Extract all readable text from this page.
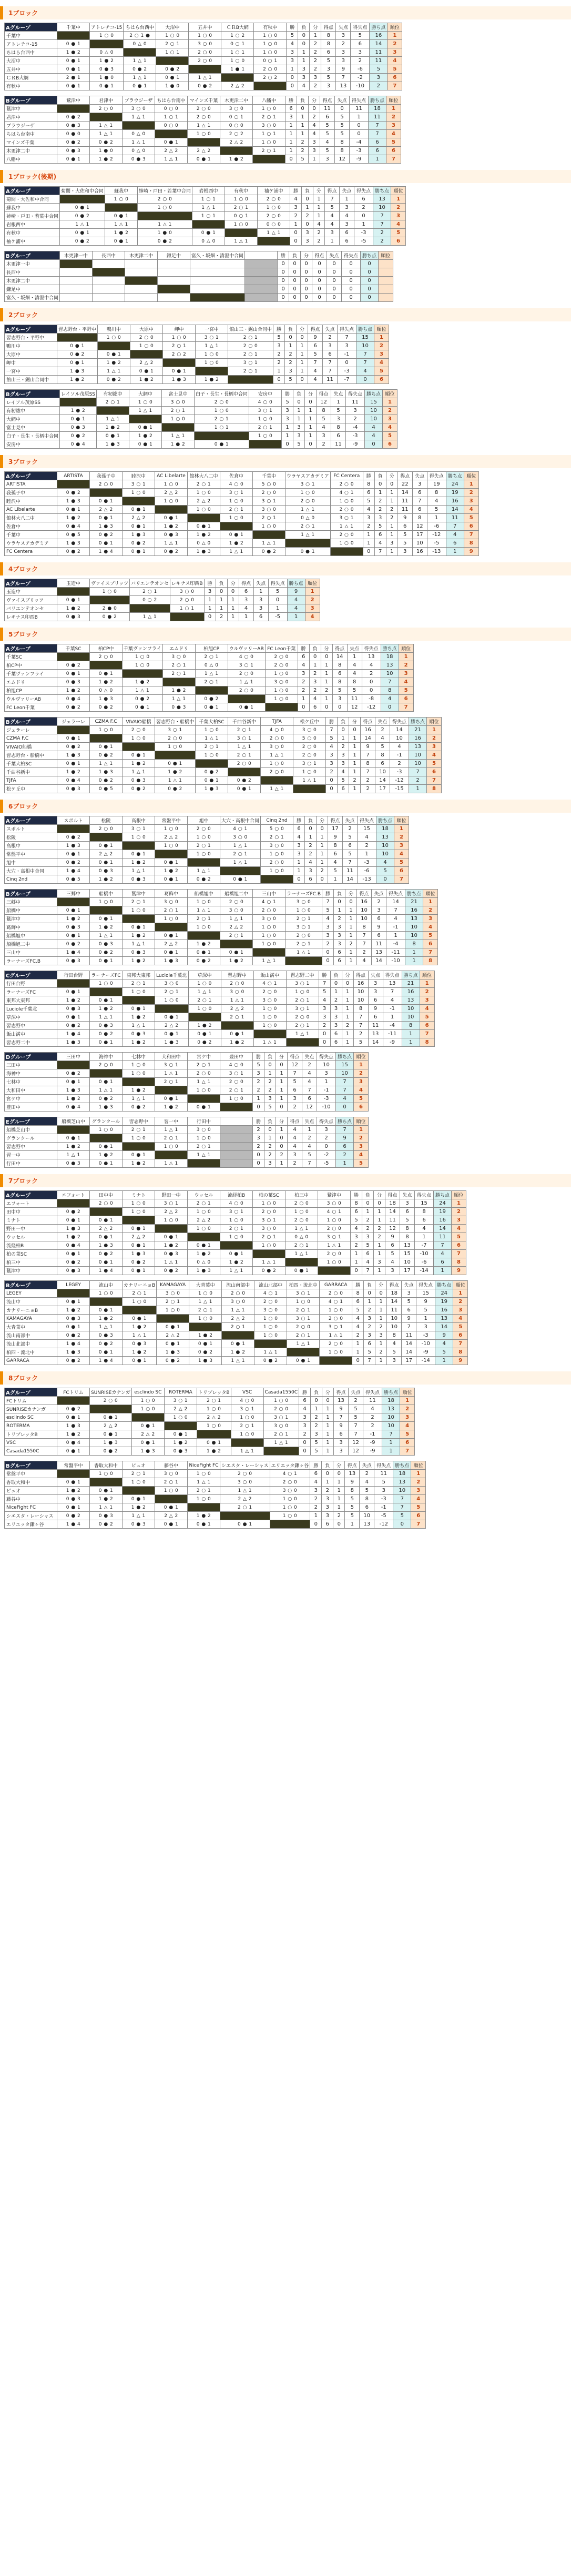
1ブロック
Aグループ	千葉中	アトレチコ-15	ちはら台西中	大沼中	五井中	ＣＲB大網	有秋中	勝	負	分	得点	失点	得失点	勝ち点	順位
千葉中		1 ○ 0	2 ○ 1 ●	1 ○ 0	1 ○ 0	1 ○ 2	1 ○ 0	5	0	1	8	3	5	16	1
アトレチコ-15	0 ● 1		0 △ 0	2 ○ 1	3 ○ 0	0 ○ 1	1 ○ 0	4	0	2	8	2	6	14	2
ちはら台西中	1 ● 2	0 △ 0		1 ○ 1	2 ○ 0	1 ○ 1	1 ○ 0	3	1	2	6	3	3	11	3
大沼中	0 ● 1	1 ● 2	1 △ 1		2 ○ 0	1 ○ 0	0 ○ 1	3	1	2	5	3	2	11	4
五井中	0 ● 1	0 ● 3	0 ● 2	0 ● 2		1 ● 1	2 ○ 0	1	3	2	3	9	-6	5	5
ＣＲB大網	2 ● 1	1 ● 0	1 △ 1	0 ● 1	1 △ 1		2 ○ 2	0	3	3	5	7	-2	3	6
有秋中	0 ● 1	0 ● 1	0 ● 1	1 ● 0	0 ● 2	2 △ 2		0	4	2	3	13	-10	2	7
Bグループ	鷲津中	君津中	ブラウジーザ	ちはら台南中	マインズ千葉	木更津二中	八幡中	勝	負	分	得点	失点	得失点	勝ち点	順位
鷲津中		2 ○ 0	3 ○ 0	0 ○ 0	2 ○ 0	3 ○ 0	1 ○ 0	6	0	0	11	0	11	18	1
君津中	0 ● 2		1 △ 1	1 ○ 1	2 ○ 0	0 ○ 1	2 ○ 1	3	1	2	6	5	1	11	2
ブラウジーザ	0 ● 3	1 △ 1		0 ○ 0	1 △ 1	0 ○ 0	3 ○ 0	1	1	4	5	5	0	7	3
ちはら台南中	0 ● 0	1 △ 1	0 △ 0		1 ○ 0	2 ○ 2	1 ○ 1	1	1	4	5	5	0	7	4
マインズ千葉	0 ● 2	0 ● 2	1 △ 1	0 ● 1		2 △ 2	1 ○ 0	1	2	3	4	8	-4	6	5
木更津二中	0 ● 3	1 ● 0	0 △ 0	2 △ 2	2 △ 2		2 ○ 1	1	2	3	5	8	-3	6	6
八幡中	0 ● 1	1 ● 2	0 ● 3	1 △ 1	0 ● 1	1 ● 2		0	5	1	3	12	-9	1	7
1ブロック(後期)
Aグループ	菊間・大佐和中合同	蘇我中	姉崎・戸田・若葉中合同	岩根西中	有秋中	袖ケ浦中	勝	負	分	得点	失点	得失点	勝ち点	順位
菊間・大佐和中合同		1 ○ 0	2 ○ 0	1 ○ 1	1 ○ 0	2 ○ 0	4	0	1	7	1	6	13	1
蘇我中	0 ● 1		1 ○ 0	1 △ 1	2 ○ 1	1 ○ 0	3	1	1	5	3	2	10	2
姉崎・戸田・若葉中合同	0 ● 2	0 ● 1		1 ○ 1	0 ○ 1	2 ○ 0	2	2	1	4	4	0	7	3
岩根西中	1 △ 1	1 △ 1	1 △ 1		1 ○ 0	0 ○ 0	1	0	4	4	3	1	7	4
有秋中	0 ● 1	1 ● 2	1 ● 0	0 ● 1		1 △ 1	0	3	2	3	6	-3	2	5
袖ケ浦中	0 ● 2	0 ● 1	0 ● 2	0 △ 0	1 △ 1		0	3	2	1	6	-5	2	6
Bグループ	木更津一中	長西中	木更津二中	鎌足中	富久・坂畑・清澄中合同		勝	負	分	得点	失点	得失点	勝ち点	順位
木更津一中							0	0	0	0	0	0	0	
長西中							0	0	0	0	0	0	0	
木更津二中							0	0	0	0	0	0	0	
鎌足中							0	0	0	0	0	0	0	
富久・坂畑・清澄中合同							0	0	0	0	0	0	0	
2ブロック
Aグループ	習志野台・平野中	鴨川中	大原中	岬中	一宮中	館山三・鋸山合同中	勝	負	分	得点	失点	得失点	勝ち点	順位
習志野台・平野中		1 ○ 0	2 ○ 0	1 ○ 0	3 ○ 1	2 ○ 1	5	0	0	9	2	7	15	1
鴨川中	0 ● 1		1 ○ 0	2 ○ 1	1 △ 1	2 ○ 0	3	1	1	6	3	3	10	2
大原中	0 ● 2	0 ● 1		2 ○ 2	1 ○ 0	2 ○ 1	2	2	1	5	6	-1	7	3
岬中	0 ● 1	1 ● 2	2 △ 2		1 ○ 0	3 ○ 1	2	2	1	7	7	0	7	4
一宮中	1 ● 3	1 △ 1	0 ● 1	0 ● 1		2 ○ 1	1	3	1	4	7	-3	4	5
館山三・鋸山合同中	1 ● 2	0 ● 2	1 ● 2	1 ● 3	1 ● 2		0	5	0	4	11	-7	0	6
Bグループ	レイソル茂原SS	有籾総中	大網中	富士見中	白子・長生・長柄中合同	安房中	勝	負	分	得点	失点	得失点	勝ち点	順位
レイソル茂原SS		2 ○ 1	1 ○ 0	3 ○ 0	2 ○ 0	4 ○ 0	5	0	0	12	1	11	15	1
有籾総中	1 ● 2		1 △ 1	2 ○ 1	1 ○ 0	3 ○ 1	3	1	1	8	5	3	10	2
大網中	0 ● 1	1 △ 1		1 ○ 0	2 ○ 1	1 ○ 0	3	1	1	5	3	2	10	3
富士見中	0 ● 3	1 ● 2	0 ● 1		1 ○ 1	2 ○ 1	1	3	1	4	8	-4	4	4
白子・長生・長柄中合同	0 ● 2	0 ● 1	1 ● 2	1 △ 1		1 ○ 0	1	3	1	3	6	-3	4	5
安房中	0 ● 4	1 ● 3	0 ● 1	1 ● 2	0 ● 1		0	5	0	2	11	-9	0	6
3ブロック
Aグループ	ARTISTA	我孫子中	睦沢中	AC Libelarte	館林大八二中	佐倉中	千葉中	ウラヤスアカデミア	FC Centera	勝	負	分	得点	失点	得失点	勝ち点	順位
ARTISTA		2 ○ 0	3 ○ 1	1 ○ 0	2 ○ 1	4 ○ 0	5 ○ 0	3 ○ 1	2 ○ 0	8	0	0	22	3	19	24	1
我孫子中	0 ● 2		1 ○ 0	2 △ 2	1 ○ 0	3 ○ 1	2 ○ 0	1 ○ 0	4 ○ 1	6	1	1	14	6	8	19	2
睦沢中	1 ● 3	0 ● 1		1 ○ 0	2 △ 2	1 ○ 0	3 ○ 1	2 ○ 0	1 ○ 0	5	2	1	11	7	4	16	3
AC Libelarte	0 ● 1	2 △ 2	0 ● 1		1 ○ 0	2 ○ 1	3 ○ 0	1 △ 1	2 ○ 0	4	2	2	11	6	5	14	4
館林大八二中	1 ● 2	0 ● 1	2 △ 2	0 ● 1		1 ○ 0	2 ○ 1	0 △ 0	3 ○ 1	3	3	2	9	8	1	11	5
佐倉中	0 ● 4	1 ● 3	0 ● 1	1 ● 2	0 ● 1		1 ○ 0	2 ○ 1	1 △ 1	2	5	1	6	12	-6	7	6
千葉中	0 ● 5	0 ● 2	1 ● 3	0 ● 3	1 ● 2	0 ● 1		1 △ 1	2 ○ 0	1	6	1	5	17	-12	4	7
ウラヤスアカデミア	1 ● 3	0 ● 1	0 ● 2	1 △ 1	0 △ 0	1 ● 2	1 △ 1		1 ○ 0	1	4	3	5	10	-5	6	8
FC Centera	0 ● 2	1 ● 4	0 ● 1	0 ● 2	1 ● 3	1 △ 1	0 ● 2	0 ● 1		0	7	1	3	16	-13	1	9
4ブロック
Aグループ	玉造中	ヴァイスブリッツ	バリエンテオンセ	レキナス印西B	勝	負	分	得点	失点	得失点	勝ち点	順位
玉造中		1 ○ 0	2 ○ 1	3 ○ 0	3	0	0	6	1	5	9	1
ヴァイスブリッツ	0 ● 1		0 ○ 2	2 ○ 0	1	1	1	3	3	0	4	2
バリエンテオンセ	1 ● 2	2 ● 0		1 ○ 1	1	1	1	4	3	1	4	3
レキナス印西B	0 ● 3	0 ● 2	1 △ 1		0	2	1	1	6	-5	1	4
5ブロック
Aグループ	千葉SC	柏CP中	千葉ヴァンフライ	エムドリ	柏旭CP	ウルヴァリーAB	FC Leon千葉	勝	負	分	得点	失点	得失点	勝ち点	順位
千葉SC		2 ○ 0	1 ○ 0	3 ○ 0	2 ○ 1	4 ○ 0	2 ○ 0	6	0	0	14	1	13	18	1
柏CP中	0 ● 2		1 ○ 0	2 ○ 1	0 △ 0	3 ○ 1	2 ○ 0	4	1	1	8	4	4	13	2
千葉ヴァンフライ	0 ● 1	0 ● 1		2 ○ 1	1 △ 1	2 ○ 0	1 ○ 0	3	2	1	6	4	2	10	3
エムドリ	0 ● 3	1 ● 2	1 ● 2		2 ○ 1	1 △ 1	3 ○ 0	2	3	1	8	8	0	7	4
柏旭CP	1 ● 2	0 △ 0	1 △ 1	1 ● 2		2 ○ 0	1 ○ 0	2	2	2	5	5	0	8	5
ウルヴァリーAB	0 ● 4	1 ● 3	0 ● 2	1 △ 1	0 ● 2		1 ○ 0	1	4	1	3	11	-8	4	6
FC Leon千葉	0 ● 2	0 ● 2	0 ● 1	0 ● 3	0 ● 1	0 ● 1		0	6	0	0	12	-12	0	7
Bグループ	ジェラーレ	CZMA F.C	VIVAIO船橋	習志野台・船橋中	千葉大柏SC	千曲谷新中	TJFA	松ケ丘中	勝	負	分	得点	失点	得失点	勝ち点	順位
ジェラーレ		1 ○ 0	2 ○ 0	3 ○ 1	1 ○ 0	2 ○ 1	4 ○ 0	3 ○ 0	7	0	0	16	2	14	21	1
CZMA F.C	0 ● 1		1 ○ 0	2 ○ 0	1 △ 1	3 ○ 1	2 ○ 0	5 ○ 0	5	1	1	14	4	10	16	2
VIVAIO船橋	0 ● 2	0 ● 1		1 ○ 0	2 ○ 1	1 △ 1	3 ○ 0	2 ○ 0	4	2	1	9	5	4	13	3
習志野台・船橋中	1 ● 3	0 ● 2	0 ● 1		1 ○ 0	2 ○ 1	1 △ 1	2 ○ 0	3	3	1	7	8	-1	10	4
千葉大柏SC	0 ● 1	1 △ 1	1 ● 2	0 ● 1		2 ○ 0	1 ○ 0	3 ○ 1	3	3	1	8	6	2	10	5
千曲谷新中	1 ● 2	1 ● 3	1 △ 1	1 ● 2	0 ● 2		2 ○ 0	1 ○ 0	2	4	1	7	10	-3	7	6
TJFA	0 ● 4	0 ● 2	0 ● 3	1 △ 1	0 ● 1	0 ● 2		1 △ 1	0	5	2	2	14	-12	2	7
松ケ丘中	0 ● 3	0 ● 5	0 ● 2	0 ● 2	1 ● 3	0 ● 1	1 △ 1		0	6	1	2	17	-15	1	8
6ブロック
Aグループ	スポルト	松陵	高根中	常盤平中	旭中	大穴・高根中合同	Cinq 2nd	勝	負	分	得点	失点	得失点	勝ち点	順位
スポルト		2 ○ 0	3 ○ 1	1 ○ 0	2 ○ 0	4 ○ 1	5 ○ 0	6	0	0	17	2	15	18	1
松陵	0 ● 2		1 ○ 0	2 △ 2	1 ○ 0	3 ○ 0	2 ○ 1	4	1	1	9	5	4	13	2
高根中	1 ● 3	0 ● 1		1 ○ 0	2 ○ 1	1 △ 1	3 ○ 0	3	2	1	8	6	2	10	3
常盤平中	0 ● 1	2 △ 2	0 ● 1		1 ○ 0	2 ○ 1	1 ○ 0	3	2	1	6	5	1	10	4
旭中	0 ● 2	0 ● 1	1 ● 2	0 ● 1		1 △ 1	2 ○ 0	1	4	1	4	7	-3	4	5
大穴・高根中合同	1 ● 4	0 ● 3	1 △ 1	1 ● 2	1 △ 1		1 ○ 0	1	3	2	5	11	-6	5	6
Cinq 2nd	0 ● 5	1 ● 2	0 ● 3	0 ● 1	0 ● 2	0 ● 1		0	6	0	1	14	-13	0	7
Bグループ	三郷中	船橋中	鷲津中	葛飾中	船橋旭中	船橋旭二中	三山中	ラーナーズFC.B	勝	負	分	得点	失点	得失点	勝ち点	順位
三郷中		1 ○ 0	2 ○ 1	3 ○ 0	1 ○ 0	2 ○ 0	4 ○ 1	3 ○ 0	7	0	0	16	2	14	21	1
船橋中	0 ● 1		1 ○ 0	2 ○ 1	1 △ 1	3 ○ 0	2 ○ 0	1 ○ 0	5	1	1	10	3	7	16	2
鷲津中	1 ● 2	0 ● 1		1 ○ 0	2 ○ 1	1 △ 1	3 ○ 0	2 ○ 1	4	2	1	10	6	4	13	3
葛飾中	0 ● 3	1 ● 2	0 ● 1		1 ○ 0	2 △ 2	1 ○ 0	3 ○ 1	3	3	1	8	9	-1	10	4
船橋旭中	0 ● 1	1 △ 1	1 ● 2	0 ● 1		2 ○ 1	1 ○ 0	2 ○ 0	3	3	1	7	6	1	10	5
船橋旭二中	0 ● 2	0 ● 3	1 △ 1	2 △ 2	1 ● 2		1 ○ 0	2 ○ 1	2	3	2	7	11	-4	8	6
三山中	1 ● 4	0 ● 2	0 ● 3	0 ● 1	0 ● 1	0 ● 1		1 △ 1	0	6	1	2	13	-11	1	7
ラーナーズFC.B	0 ● 3	0 ● 1	1 ● 2	1 ● 3	0 ● 2	1 ● 2	1 △ 1		0	6	1	4	14	-10	1	8
Cグループ	行田台野	ラーナーズFC	東邦大東邦	Luciole千葉北	草深中	習志野中	飯山満中	習志野二中	勝	負	分	得点	失点	得失点	勝ち点	順位
行田台野		1 ○ 0	2 ○ 1	3 ○ 0	1 ○ 0	2 ○ 0	4 ○ 1	3 ○ 1	7	0	0	16	3	13	21	1
ラーナーズFC	0 ● 1		1 ○ 0	2 ○ 1	1 △ 1	3 ○ 0	2 ○ 0	1 ○ 0	5	1	1	10	3	7	16	2
東邦大東邦	1 ● 2	0 ● 1		1 ○ 0	2 ○ 1	1 △ 1	3 ○ 0	2 ○ 1	4	2	1	10	6	4	13	3
Luciole千葉北	0 ● 3	1 ● 2	0 ● 1		1 ○ 0	2 △ 2	1 ○ 0	3 ○ 1	3	3	1	8	9	-1	10	4
草深中	0 ● 1	1 △ 1	1 ● 2	0 ● 1		2 ○ 1	1 ○ 0	2 ○ 0	3	3	1	7	6	1	10	5
習志野中	0 ● 2	0 ● 3	1 △ 1	2 △ 2	1 ● 2		1 ○ 0	2 ○ 1	2	3	2	7	11	-4	8	6
飯山満中	1 ● 4	0 ● 2	0 ● 3	0 ● 1	0 ● 1	0 ● 1		1 △ 1	0	6	1	2	13	-11	1	7
習志野二中	1 ● 3	0 ● 1	1 ● 2	1 ● 3	0 ● 2	1 ● 2	1 △ 1		0	6	1	5	14	-9	1	8
Dグループ	三田中	海神中	七林中	大和田中	宮ケ中	豊田中	勝	負	分	得点	失点	得失点	勝ち点	順位
三田中		2 ○ 0	1 ○ 0	3 ○ 1	2 ○ 1	4 ○ 0	5	0	0	12	2	10	15	1
海神中	0 ● 2		1 ○ 0	1 △ 1	2 ○ 0	3 ○ 1	3	1	1	7	4	3	10	2
七林中	0 ● 1	0 ● 1		2 ○ 1	1 △ 1	2 ○ 0	2	2	1	5	4	1	7	3
大和田中	1 ● 3	1 △ 1	1 ● 2		1 ○ 0	2 ○ 1	2	2	1	6	7	-1	7	4
宮ケ中	1 ● 2	0 ● 2	1 △ 1	0 ● 1		1 ○ 0	1	3	1	3	6	-3	4	5
豊田中	0 ● 4	1 ● 3	0 ● 2	1 ● 2	0 ● 1		0	5	0	2	12	-10	0	6
Eグループ	船橋芝山中	グランクール	習志野中	習一中	行田中		勝	負	分	得点	失点	得失点	勝ち点	順位
船橋芝山中		1 ○ 0	2 ○ 1	1 △ 1	3 ○ 0		2	0	1	4	1	3	7	1
グランクール	0 ● 1		1 ○ 0	2 ○ 1	1 ○ 0		3	1	0	4	2	2	9	2
習志野中	1 ● 2	0 ● 1		1 ○ 0	2 ○ 1		2	2	0	4	4	0	6	3
習一中	1 △ 1	1 ● 2	0 ● 1		1 △ 1		0	2	2	3	5	-2	2	4
行田中	0 ● 3	0 ● 1	1 ● 2	1 △ 1			0	3	1	2	7	-5	1	5
7ブロック
Aグループ	エフォート	田中中	ミナト	野田一中	ウッセル	流経柏B	柏の葉SC	柏三中	鷲津中	勝	負	分	得点	失点	得失点	勝ち点	順位
エフォート		2 ○ 0	1 ○ 0	3 ○ 1	2 ○ 1	4 ○ 0	1 ○ 0	2 ○ 0	3 ○ 0	8	0	0	18	3	15	24	1
田中中	0 ● 2		1 ○ 0	2 △ 2	1 ○ 0	3 ○ 1	2 ○ 0	1 ○ 0	4 ○ 1	6	1	1	14	6	8	19	2
ミナト	0 ● 1	0 ● 1		1 ○ 0	2 △ 2	1 ○ 0	3 ○ 1	2 ○ 0	1 ○ 0	5	2	1	11	5	6	16	3
野田一中	1 ● 3	2 △ 2	0 ● 1		1 ○ 0	2 ○ 1	3 ○ 0	1 △ 1	2 ○ 0	4	2	2	12	8	4	14	4
ウッセル	1 ● 2	0 ● 1	2 △ 2	0 ● 1		1 ○ 0	2 ○ 1	0 △ 0	3 ○ 1	3	3	2	9	8	1	11	5
流経柏B	0 ● 4	1 ● 3	0 ● 1	1 ● 2	0 ● 1		1 ○ 0	2 ○ 1	1 △ 1	2	5	1	6	13	-7	7	6
柏の葉SC	0 ● 1	0 ● 2	1 ● 3	0 ● 3	1 ● 2	0 ● 1		1 △ 1	2 ○ 0	1	6	1	5	15	-10	4	7
柏三中	0 ● 2	0 ● 1	0 ● 2	1 △ 1	0 △ 0	1 ● 2	1 △ 1		1 ○ 0	1	4	3	4	10	-6	6	8
鷲津中	0 ● 3	1 ● 4	0 ● 1	0 ● 2	1 ● 3	1 △ 1	0 ● 2	0 ● 1		0	7	1	3	17	-14	1	9
Bグループ	LEGEY	流山中	カナリーニョB	KAMAGAYA	大青葉中	流山南部中	流山北部中	柏四・流北中	GARRACA	勝	負	分	得点	失点	得失点	勝ち点	順位
LEGEY		1 ○ 0	2 ○ 1	3 ○ 0	1 ○ 0	2 ○ 0	4 ○ 1	3 ○ 1	2 ○ 0	8	0	0	18	3	15	24	1
流山中	0 ● 1		1 ○ 0	2 ○ 1	1 △ 1	3 ○ 0	2 ○ 0	1 ○ 0	4 ○ 1	6	1	1	14	5	9	19	2
カナリーニョB	1 ● 2	0 ● 1		1 ○ 0	2 ○ 1	1 △ 1	3 ○ 0	2 ○ 1	1 ○ 0	5	2	1	11	6	5	16	3
KAMAGAYA	0 ● 3	1 ● 2	0 ● 1		1 ○ 0	2 △ 2	1 ○ 0	3 ○ 1	2 ○ 0	4	3	1	10	9	1	13	4
大青葉中	0 ● 1	1 △ 1	1 ● 2	0 ● 1		2 ○ 1	1 ○ 0	2 ○ 0	3 ○ 1	4	2	2	10	7	3	14	5
流山南部中	0 ● 2	0 ● 3	1 △ 1	2 △ 2	1 ● 2		1 ○ 0	2 ○ 1	1 △ 1	2	3	3	8	11	-3	9	6
流山北部中	1 ● 4	0 ● 2	0 ● 3	0 ● 1	0 ● 1	0 ● 1		1 △ 1	2 ○ 0	1	6	1	4	14	-10	4	7
柏四・流北中	1 ● 3	0 ● 1	1 ● 2	1 ● 3	0 ● 2	1 ● 2	1 △ 1		1 ○ 0	1	5	2	5	14	-9	5	8
GARRACA	0 ● 2	1 ● 4	0 ● 1	0 ● 2	1 ● 3	1 △ 1	0 ● 2	0 ● 1		0	7	1	3	17	-14	1	9
8ブロック
Aグループ	FCトリム	SUNRISEカナンガ	esclindo SC	ROTERMA	トリプレッタB	VSC	Casada1550C	勝	負	分	得点	失点	得失点	勝ち点	順位
FCトリム		2 ○ 0	1 ○ 0	3 ○ 1	2 ○ 1	4 ○ 0	1 ○ 0	6	0	0	13	2	11	18	1
SUNRISEカナンガ	0 ● 2		1 ○ 0	2 △ 2	1 ○ 0	3 ○ 1	2 ○ 0	4	1	1	9	5	4	13	2
esclindo SC	0 ● 1	0 ● 1		1 ○ 0	2 △ 2	1 ○ 0	3 ○ 1	3	2	1	7	5	2	10	3
ROTERMA	1 ● 3	2 △ 2	0 ● 1		1 ○ 0	2 ○ 1	3 ○ 0	3	2	1	9	7	2	10	4
トリプレッタB	1 ● 2	0 ● 1	2 △ 2	0 ● 1		1 ○ 0	2 ○ 1	2	3	1	6	7	-1	7	5
VSC	0 ● 4	1 ● 3	0 ● 1	1 ● 2	0 ● 1		1 △ 1	0	5	1	3	12	-9	1	6
Casada1550C	0 ● 1	0 ● 2	1 ● 3	0 ● 3	1 ● 2	1 △ 1		0	5	1	3	12	-9	1	7
Bグループ	常盤平中	香取大和中	ピュオ	藤谷中	NiceFight FC	シエスタ・レーシャス	エリエッタ鎌ヶ谷	勝	負	分	得点	失点	得失点	勝ち点	順位
常盤平中		1 ○ 0	2 ○ 1	3 ○ 0	1 ○ 0	2 ○ 0	4 ○ 1	6	0	0	13	2	11	18	1
香取大和中	0 ● 1		1 ○ 0	2 ○ 1	1 △ 1	3 ○ 0	2 ○ 0	4	1	1	9	4	5	13	2
ピュオ	1 ● 2	0 ● 1		1 ○ 0	2 ○ 1	1 △ 1	3 ○ 0	3	2	1	8	5	3	10	3
藤谷中	0 ● 3	1 ● 2	0 ● 1		1 ○ 0	2 △ 2	1 ○ 0	2	3	1	5	8	-3	7	4
NiceFight FC	0 ● 1	1 △ 1	1 ● 2	0 ● 1		2 ○ 1	1 ○ 0	2	3	1	5	6	-1	7	5
シエスタ・レーシャス	0 ● 2	0 ● 3	1 △ 1	2 △ 2	1 ● 2		1 ○ 0	1	3	2	5	10	-5	5	6
エリエッタ鎌ヶ谷	1 ● 4	0 ● 2	0 ● 3	0 ● 1	0 ● 1	0 ● 1		0	6	0	1	13	-12	0	7
